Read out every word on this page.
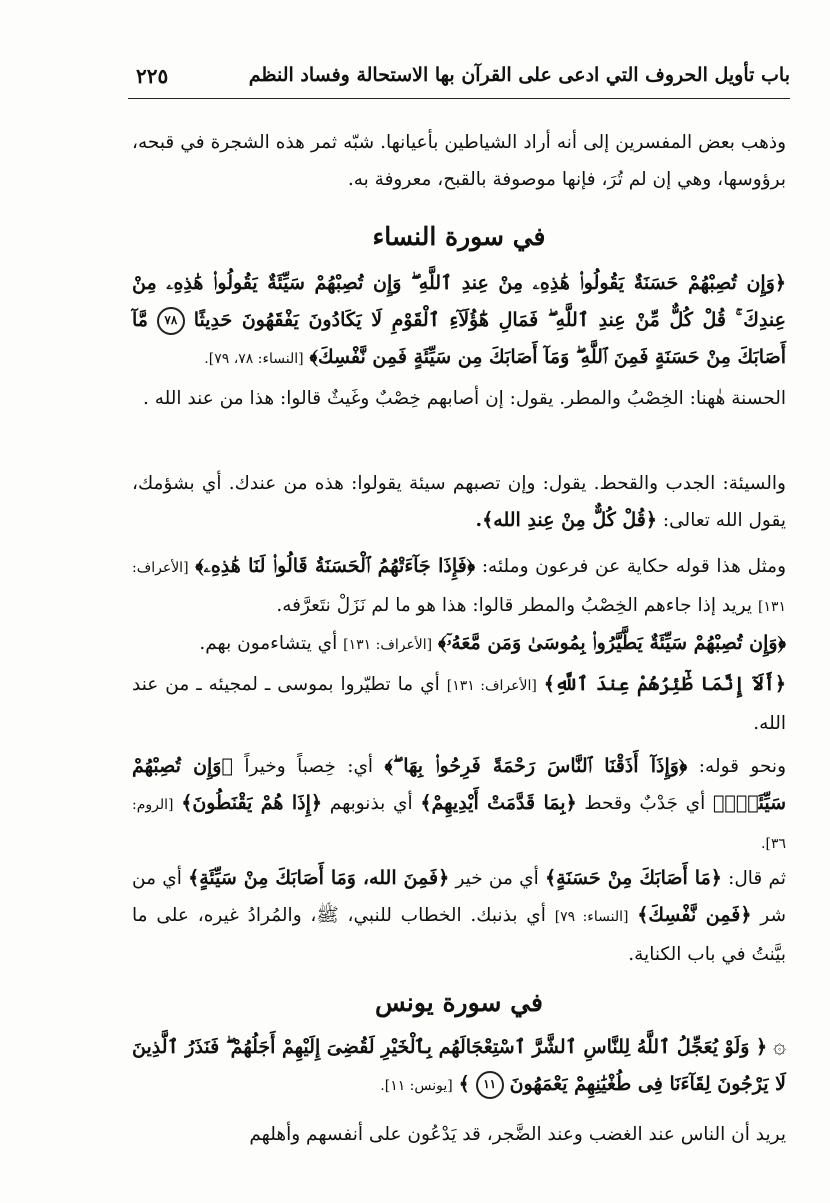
باب تأويل الحروف التي ادعى على القرآن بها الاستحالة وفساد النظم
٢٢٥

وذهب بعض المفسرين إلى أنه أراد الشياطين بأعيانها. شبّه ثمر هذه الشجرة في قبحه، برؤوسها، وهي إن لم تُرَ، فإنها موصوفة بالقبح، معروفة به.

في سورة النساء

﴿وَإِن تُصِبْهُمْ حَسَنَةٌ يَقُولُوا۟ هَٰذِهِۦ مِنْ عِندِ ٱللَّهِ ۖ وَإِن تُصِبْهُمْ سَيِّئَةٌ يَقُولُوا۟ هَٰذِهِۦ مِنْ عِندِكَ ۚ قُلْ كُلٌّ مِّنْ عِندِ ٱللَّهِ ۖ فَمَالِ هَٰٓؤُلَآءِ ٱلْقَوْمِ لَا يَكَادُونَ يَفْقَهُونَ حَدِيثًا ٧٨ مَّآ أَصَابَكَ مِنْ حَسَنَةٍ فَمِنَ ٱللَّهِ ۖ وَمَآ أَصَابَكَ مِن سَيِّئَةٍ فَمِن نَّفْسِكَ﴾ [النساء: ٧٨، ٧٩].

الحسنة هٰهنا: الخِصْبُ والمطر. يقول: إن أصابهم خِصْبٌ وغَيثٌ قالوا: هذا من عند الله .

والسيئة: الجدب والقحط. يقول: وإن تصبهم سيئة يقولوا: هذه من عندك. أي بشؤمك، يقول الله تعالى: ﴿قُلْ كُلٌّ مِنْ عِندِ الله﴾.

ومثل هذا قوله حكاية عن فرعون وملئه: ﴿فَإِذَا جَآءَتْهُمُ ٱلْحَسَنَةُ قَالُوا۟ لَنَا هَٰذِهِۦ﴾ [الأعراف: ١٣١] يريد إذا جاءهم الخِصْبُ والمطر قالوا: هذا هو ما لم نَزَلْ نتَعرَّفه.

﴿وَإِن تُصِبْهُمْ سَيِّئَةٌ يَطَّيَّرُوا۟ بِمُوسَىٰ وَمَن مَّعَهُۥٓ﴾ [الأعراف: ١٣١] أي يتشاءمون بهم.

﴿أَلَآ إِنَّمَا طَٰٓئِرُهُمْ عِندَ ٱللَّهِ﴾ [الأعراف: ١٣١] أي ما تطيّروا بموسى ـ لمجيئه ـ من عند الله.

ونحو قوله: ﴿وَإِذَآ أَذَقْنَا ٱلنَّاسَ رَحْمَةً فَرِحُوا۟ بِهَا ۖ﴾ أي: خِصباً وخيراً ﴿وَإِن تُصِبْهُمْ سَيِّئَةٌۢ﴾ أي جَدْبٌ وقحط ﴿بِمَا قَدَّمَتْ أَيْدِيهِمْ﴾ أي بذنوبهم ﴿إِذَا هُمْ يَقْنَطُونَ﴾ [الروم: ٣٦].

ثم قال: ﴿مَا أَصَابَكَ مِنْ حَسَنَةٍ﴾ أي من خير ﴿فَمِنَ الله، وَمَا أَصَابَكَ مِنْ سَيِّئَةٍ﴾ أي من شر ﴿فَمِن نَّفْسِكَ﴾ [النساء: ٧٩] أي بذنبك. الخطاب للنبي، ﷺ، والمُرادُ غيره، على ما بيَّنتُ في باب الكناية.

في سورة يونس

۞ ﴿ وَلَوْ يُعَجِّلُ ٱللَّهُ لِلنَّاسِ ٱلشَّرَّ ٱسْتِعْجَالَهُم بِٱلْخَيْرِ لَقُضِىَ إِلَيْهِمْ أَجَلُهُمْ ۖ فَنَذَرُ ٱلَّذِينَ لَا يَرْجُونَ لِقَآءَنَا فِى طُغْيَٰنِهِمْ يَعْمَهُونَ ١١ ﴾ [يونس: ١١].

يريد أن الناس عند الغضب وعند الضَّجر، قد يَدْعُون على أنفسهم وأهلهم
